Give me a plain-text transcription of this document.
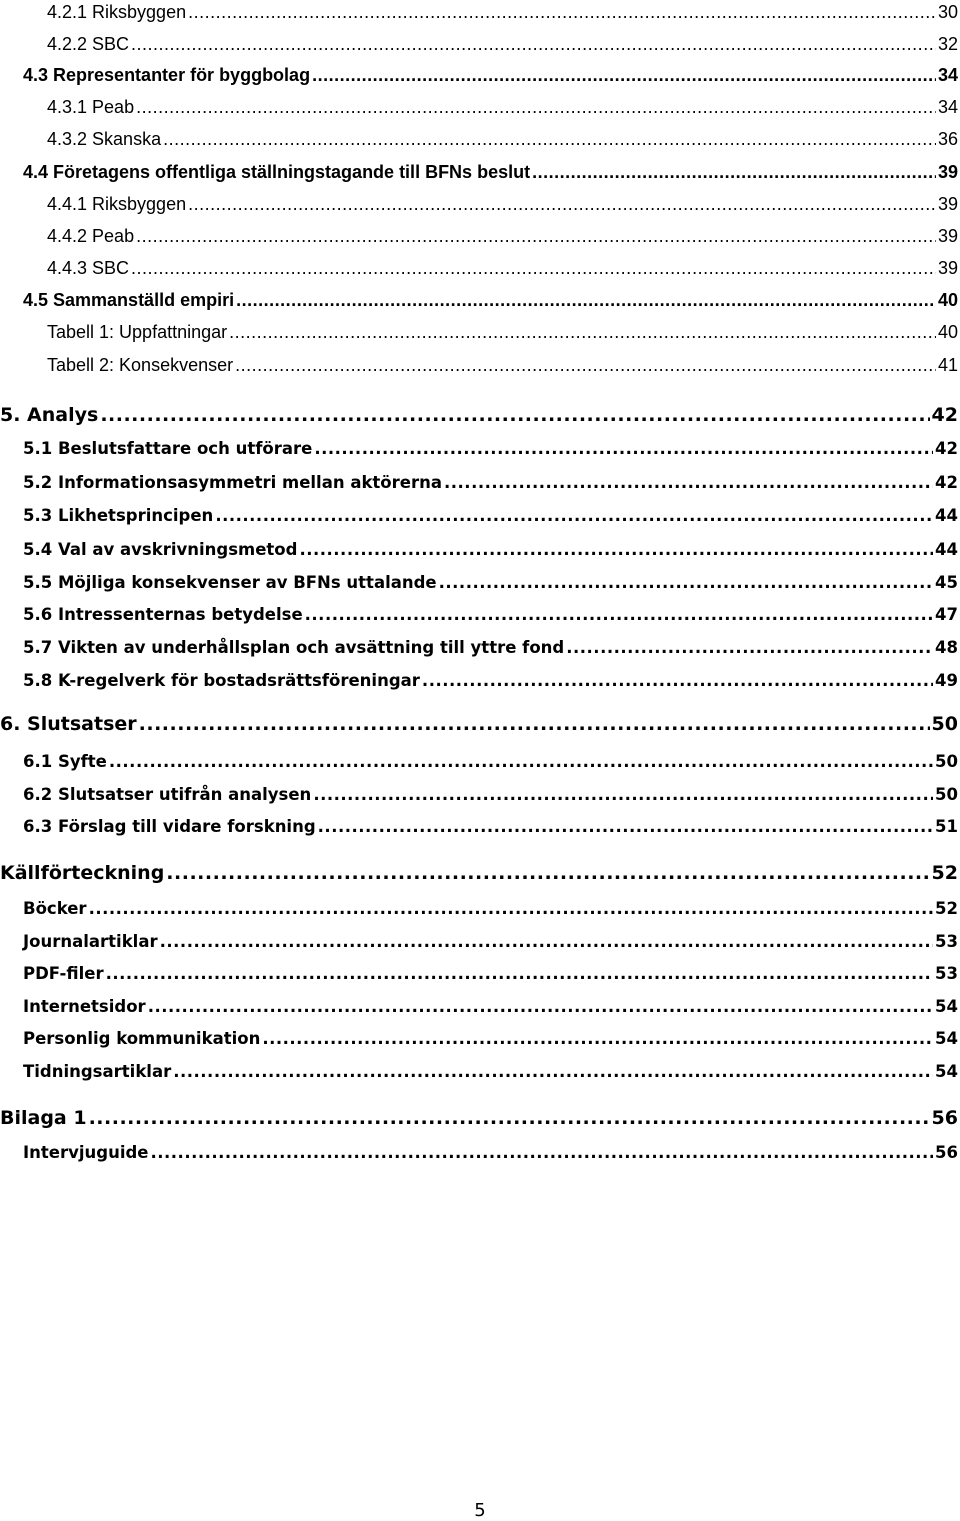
4.2.1 Riksbyggen .....	30
4.2.2 SBC .....	32
4.3 Representanter för byggbolag .....	34
4.3.1 Peab .....	34
4.3.2 Skanska .....	36
4.4 Företagens offentliga ställningstagande till BFNs beslut .....	39
4.4.1 Riksbyggen .....	39
4.4.2 Peab .....	39
4.4.3 SBC .....	39
4.5 Sammanställd empiri .....	40
Tabell 1: Uppfattningar .....	40
Tabell 2: Konsekvenser .....	41
5. Analys .....	42
5.1 Beslutsfattare och utförare .....	42
5.2 Informationsasymmetri mellan aktörerna .....	42
5.3 Likhetsprincipen .....	44
5.4 Val av avskrivningsmetod .....	44
5.5 Möjliga konsekvenser av BFNs uttalande .....	45
5.6 Intressenternas betydelse .....	47
5.7 Vikten av underhållsplan och avsättning till yttre fond .....	48
5.8 K-regelverk för bostadsrättsföreningar .....	49
6. Slutsatser .....	50
6.1 Syfte .....	50
6.2 Slutsatser utifrån analysen .....	50
6.3 Förslag till vidare forskning .....	51
Källförteckning .....	52
Böcker .....	52
Journalartiklar .....	53
PDF-filer .....	53
Internetsidor .....	54
Personlig kommunikation .....	54
Tidningsartiklar .....	54
Bilaga 1 .....	56
Intervjuguide .....	56
5
